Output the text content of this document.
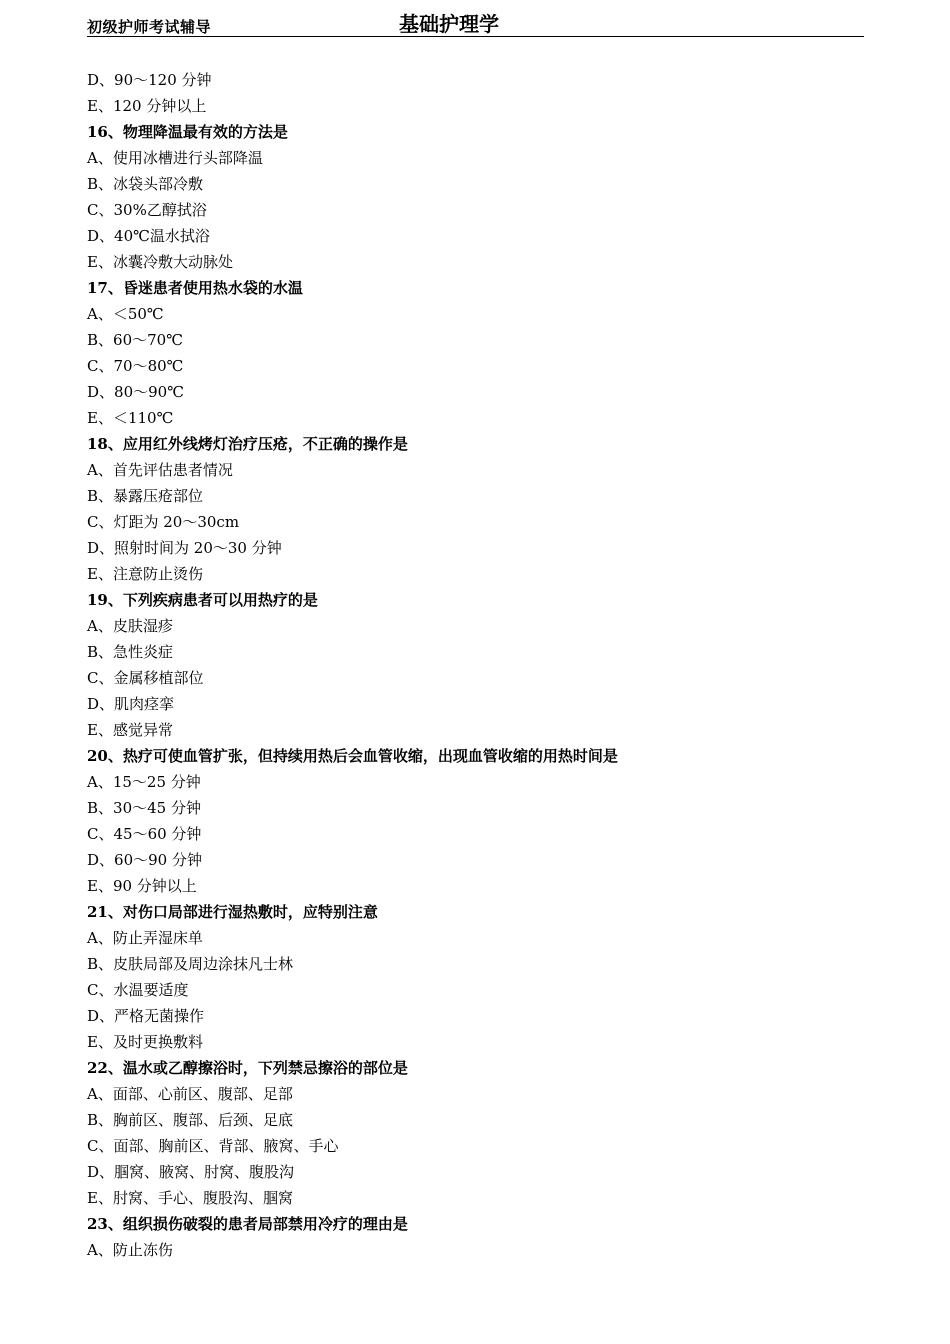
初级护师考试辅导	基础护理学
D、90～120 分钟
E、120 分钟以上
16、物理降温最有效的方法是
A、使用冰槽进行头部降温
B、冰袋头部冷敷
C、30%乙醇拭浴
D、40℃温水拭浴
E、冰囊冷敷大动脉处
17、昏迷患者使用热水袋的水温
A、＜50℃
B、60～70℃
C、70～80℃
D、80～90℃
E、＜110℃
18、应用红外线烤灯治疗压疮，不正确的操作是
A、首先评估患者情况
B、暴露压疮部位
C、灯距为 20～30cm
D、照射时间为 20～30 分钟
E、注意防止烫伤
19、下列疾病患者可以用热疗的是
A、皮肤湿疹
B、急性炎症
C、金属移植部位
D、肌肉痉挛
E、感觉异常
20、热疗可使血管扩张，但持续用热后会血管收缩，出现血管收缩的用热时间是
A、15～25 分钟
B、30～45 分钟
C、45～60 分钟
D、60～90 分钟
E、90 分钟以上
21、对伤口局部进行湿热敷时，应特别注意
A、防止弄湿床单
B、皮肤局部及周边涂抹凡士林
C、水温要适度
D、严格无菌操作
E、及时更换敷料
22、温水或乙醇擦浴时，下列禁忌擦浴的部位是
A、面部、心前区、腹部、足部
B、胸前区、腹部、后颈、足底
C、面部、胸前区、背部、腋窝、手心
D、腘窝、腋窝、肘窝、腹股沟
E、肘窝、手心、腹股沟、腘窝
23、组织损伤破裂的患者局部禁用冷疗的理由是
A、防止冻伤
